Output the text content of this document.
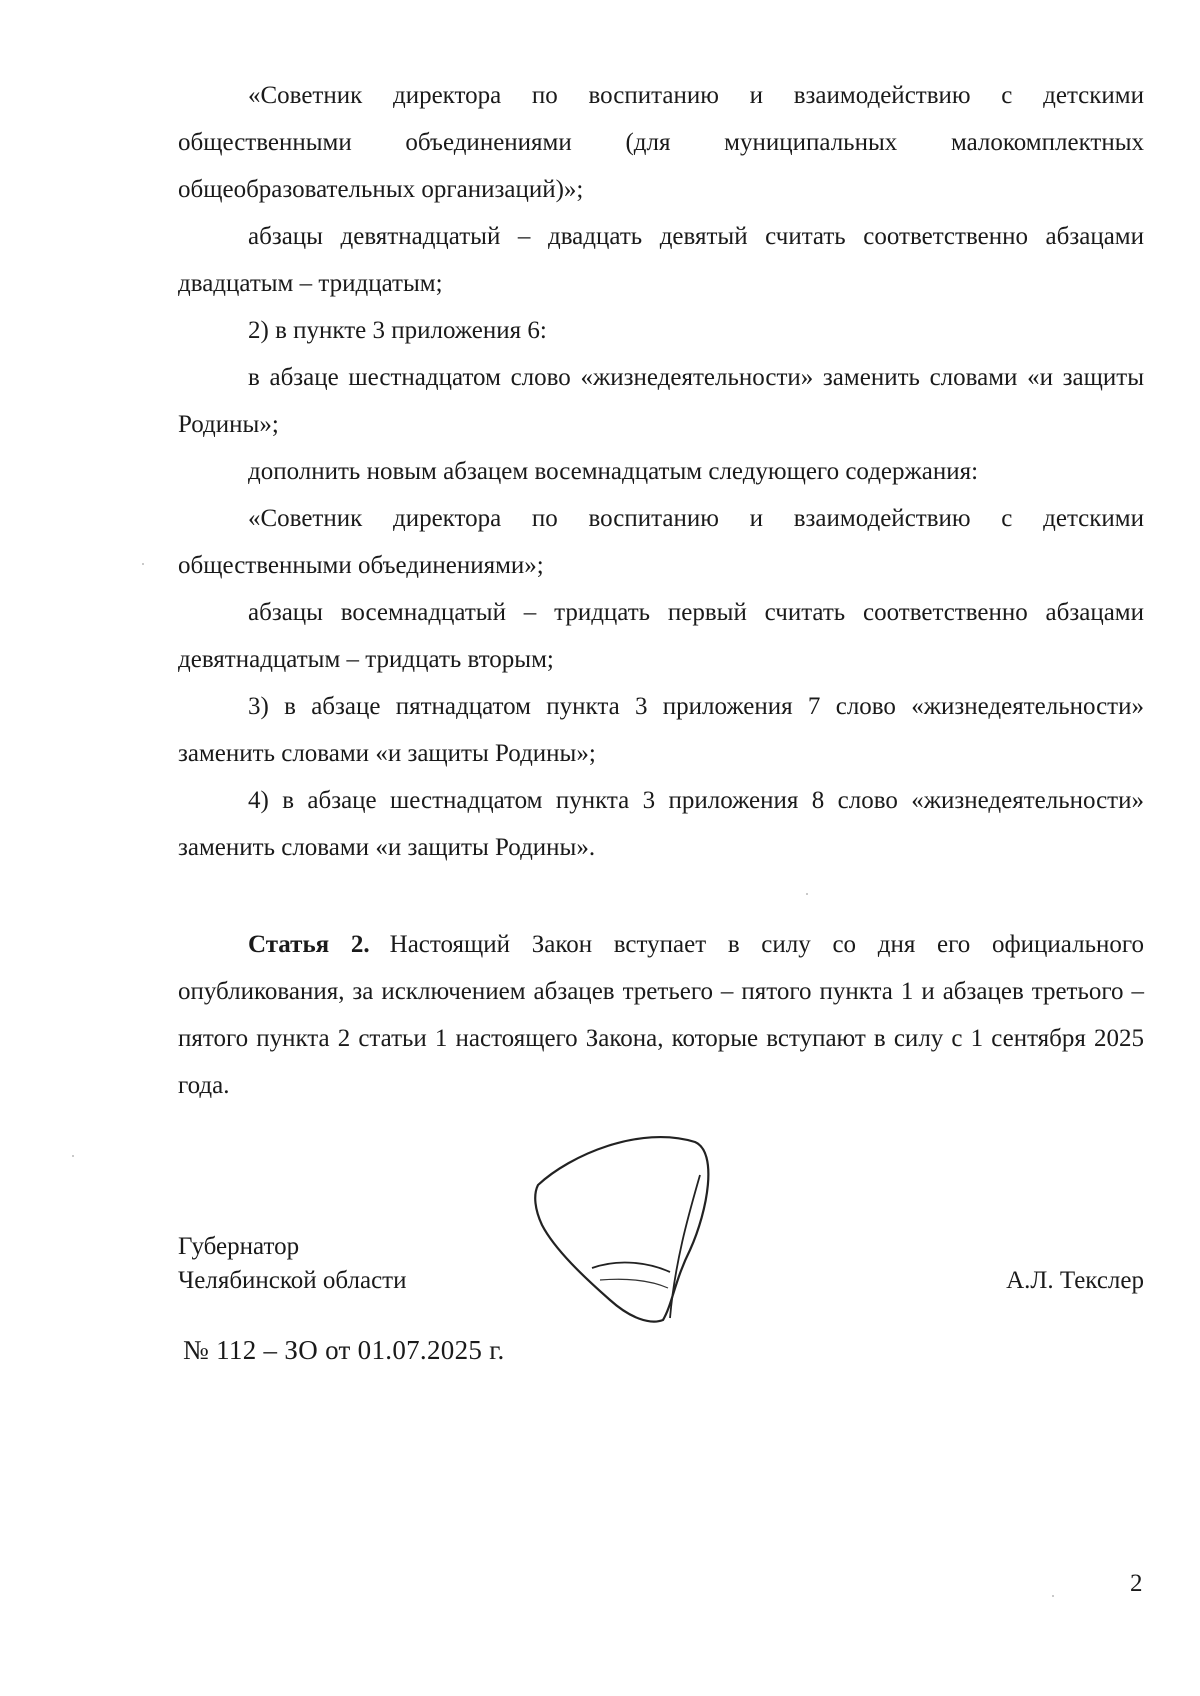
«Советник директора по воспитанию и взаимодействию с детскими общественными объединениями (для муниципальных малокомплектных общеобразовательных организаций)»;

абзацы девятнадцатый – двадцать девятый считать соответственно абзацами двадцатым – тридцатым;

2) в пункте 3 приложения 6:

в абзаце шестнадцатом слово «жизнедеятельности» заменить словами «и защиты Родины»;

дополнить новым абзацем восемнадцатым следующего содержания:

«Советник директора по воспитанию и взаимодействию с детскими общественными объединениями»;

абзацы восемнадцатый – тридцать первый считать соответственно абзацами девятнадцатым – тридцать вторым;

3) в абзаце пятнадцатом пункта 3 приложения 7 слово «жизнедеятельности» заменить словами «и защиты Родины»;

4) в абзаце шестнадцатом пункта 3 приложения 8 слово «жизнедеятельности» заменить словами «и защиты Родины».

Статья 2. Настоящий Закон вступает в силу со дня его официального опубликования, за исключением абзацев третьего – пятого пункта 1 и абзацев третього – пятого пункта 2 статьи 1 настоящего Закона, которые вступают в силу с 1 сентября 2025 года.

Губернатор
Челябинской области	А.Л. Текслер
№ 112 – ЗО от 01.07.2025 г.
2
